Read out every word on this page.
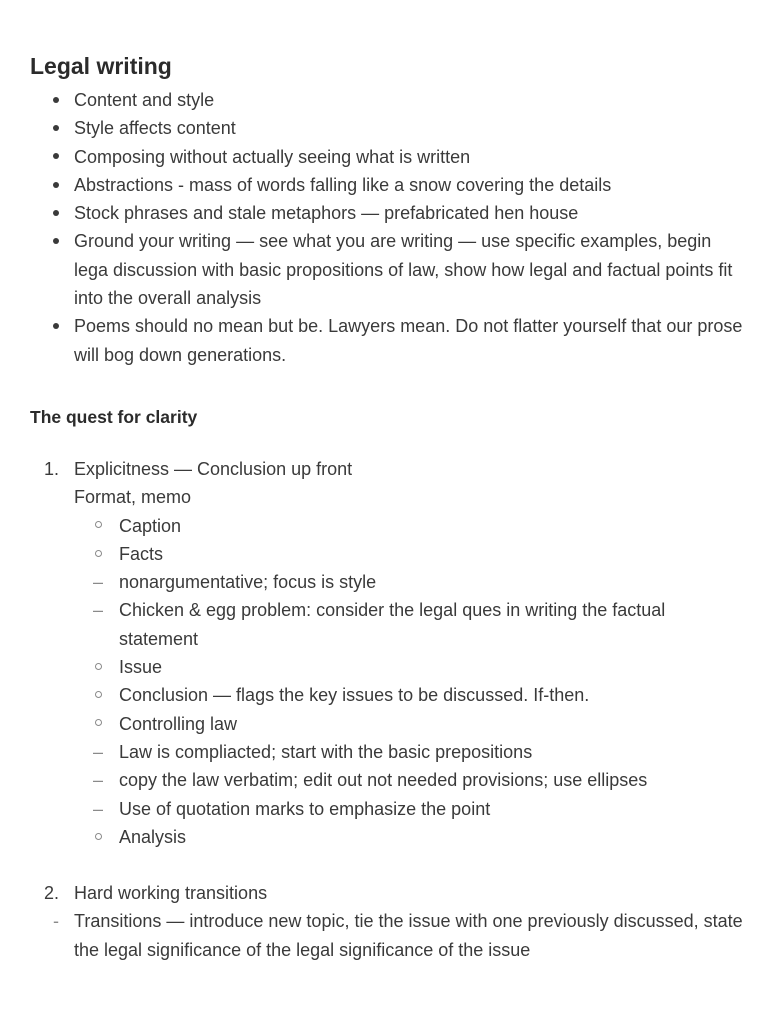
Legal writing
Content and style
Style affects content
Composing without actually seeing what is written
Abstractions - mass of words falling like a snow covering the details
Stock phrases and stale metaphors — prefabricated hen house
Ground your writing — see what you are writing — use specific examples, begin lega discussion with basic propositions of law, show how legal and factual points fit into the overall analysis
Poems should no mean but be. Lawyers mean. Do not flatter yourself that our prose will bog down generations.
The quest for clarity
1. Explicitness — Conclusion up front
Format, memo
Caption
Facts
– nonargumentative; focus is style
– Chicken & egg problem: consider the legal ques in writing the factual statement
Issue
Conclusion — flags the key issues to be discussed. If-then.
Controlling law
– Law is compliacted; start with the basic prepositions
– copy the law verbatim; edit out not needed provisions; use ellipses
– Use of quotation marks to emphasize the point
Analysis
2. Hard working transitions
- Transitions — introduce new topic, tie the issue with one previously discussed, state the legal significance of the legal significance of the issue
